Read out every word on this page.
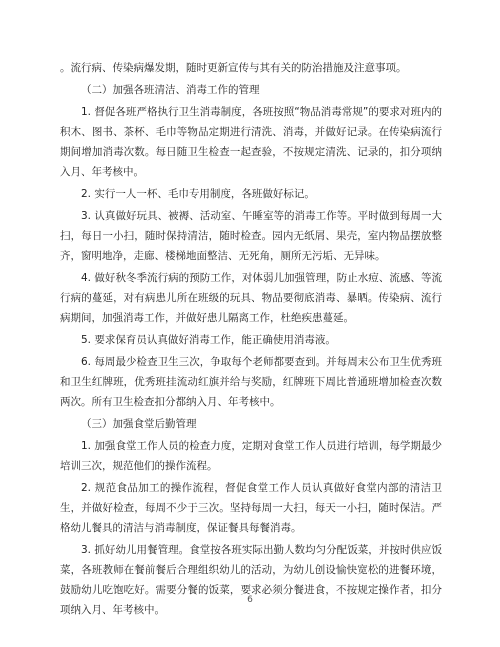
。流行病、传染病爆发期，随时更新宣传与其有关的防治措施及注意事项。

（二）加强各班清洁、消毒工作的管理

1. 督促各班严格执行卫生消毒制度，各班按照“物品消毒常规”的要求对班内的积木、图书、茶杯、毛巾等物品定期进行清洗、消毒，并做好记录。在传染病流行期间增加消毒次数。每日随卫生检查一起查验，不按规定清洗、记录的，扣分项纳入月、年考核中。

2. 实行一人一杯、毛巾专用制度，各班做好标记。

3. 认真做好玩具、被褥、活动室、午睡室等的消毒工作等。平时做到每周一大扫，每日一小扫，随时保持清洁，随时检查。园内无纸屑、果壳，室内物品摆放整齐，窗明地净，走廊、楼梯地面整洁、无死角，厕所无污垢、无异味。

4. 做好秋冬季流行病的预防工作，对体弱儿加强管理，防止水痘、流感、等流行病的蔓延，对有病患儿所在班级的玩具、物品要彻底消毒、暴晒。传染病、流行病期间，加强消毒工作，并做好患儿隔离工作，杜绝疾患蔓延。

5. 要求保育员认真做好消毒工作，能正确使用消毒液。

6. 每周最少检查卫生三次，争取每个老师都要查到。并每周末公布卫生优秀班和卫生红牌班，优秀班挂流动红旗并给与奖励，红牌班下周比普通班增加检查次数两次。所有卫生检查扣分都纳入月、年考核中。

（三）加强食堂后勤管理

1. 加强食堂工作人员的检查力度，定期对食堂工作人员进行培训，每学期最少培训三次，规范他们的操作流程。

2. 规范食品加工的操作流程，督促食堂工作人员认真做好食堂内部的清洁卫生，并做好检查，每周不少于三次。坚持每周一大扫，每天一小扫，随时保洁。严格幼儿餐具的清洁与消毒制度，保证餐具每餐消毒。

3. 抓好幼儿用餐管理。食堂按各班实际出勤人数均匀分配饭菜，并按时供应饭菜，各班教师在餐前餐后合理组织幼儿的活动，为幼儿创设愉快宽松的进餐环境，鼓励幼儿吃饱吃好。需要分餐的饭菜，要求必须分餐进食，不按规定操作者，扣分项纳入月、年考核中。

6
